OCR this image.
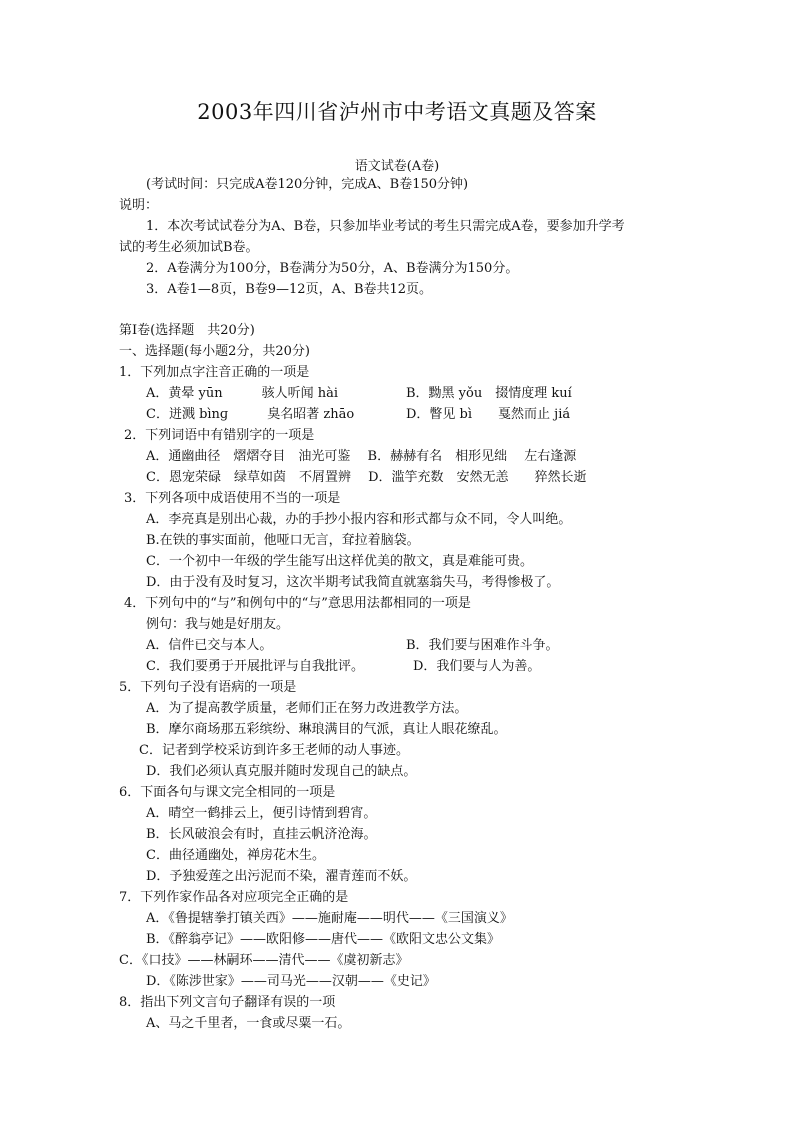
2003年四川省泸州市中考语文真题及答案
语文试卷(A卷)
(考试时间：只完成A卷120分钟，完成A、B卷150分钟)
说明：
1．本次考试试卷分为A、B卷，只参加毕业考试的考生只需完成A卷，要参加升学考
试的考生必须加试B卷。
2．A卷满分为100分，B卷满分为50分，A、B卷满分为150分。
3．A卷1—8页，B卷9—12页，A、B卷共12页。
第Ⅰ卷(选择题　共20分)
一、选择题(每小题2分，共20分)
1．下列加点字注音正确的一项是
A．黄晕 yūn　　　骇人听闻 hài	B．黝黑 yǒu　掇情度理 kuí
C．迸溅 bìnɡ　　　臭名昭著 zhāo	D．瞥见 bì　　戛然而止 jiá
2．下列词语中有错别字的一项是
A．通幽曲径　熠熠夺目　油光可鉴　 B．赫赫有名　相形见绌　 左右逢源
C．恩宠荣碌　绿草如茵　不屑置辨　 D．滥竽充数　安然无恙　　猝然长逝
3．下列各项中成语使用不当的一项是
A．李亮真是别出心裁，办的手抄小报内容和形式都与众不同，令人叫绝。
B.在铁的事实面前，他哑口无言，耷拉着脑袋。
C．一个初中一年级的学生能写出这样优美的散文，真是难能可贵。
D．由于没有及时复习，这次半期考试我简直就塞翁失马，考得惨极了。
4．下列句中的“与”和例句中的“与”意思用法都相同的一项是
例句：我与她是好朋友。
A．信件已交与本人。	B．我们要与困难作斗争。
C．我们要勇于开展批评与自我批评。	D．我们要与人为善。
5．下列句子没有语病的一项是
A．为了提高教学质量，老师们正在努力改进教学方法。
B．摩尔商场那五彩缤纷、琳琅满目的气派，真让人眼花缭乱。
C．记者到学校采访到许多王老师的动人事迹。
D．我们必须认真克服并随时发现自己的缺点。
6．下面各句与课文完全相同的一项是
A．晴空一鹤排云上，便引诗情到碧宵。
B．长风破浪会有时，直挂云帆济沧海。
C．曲径通幽处，禅房花木生。
D．予独爱莲之出污泥而不染，濯青莲而不妖。
7．下列作家作品各对应项完全正确的是
A．《鲁提辖拳打镇关西》——施耐庵——明代——《三国演义》
B．《醉翁亭记》——欧阳修——唐代——《欧阳文忠公文集》
C．《口技》——林嗣环——清代——《虞初新志》
D．《陈涉世家》——司马光——汉朝——《史记》
8．指出下列文言句子翻译有误的一项
A、马之千里者，一食或尽粟一石。
